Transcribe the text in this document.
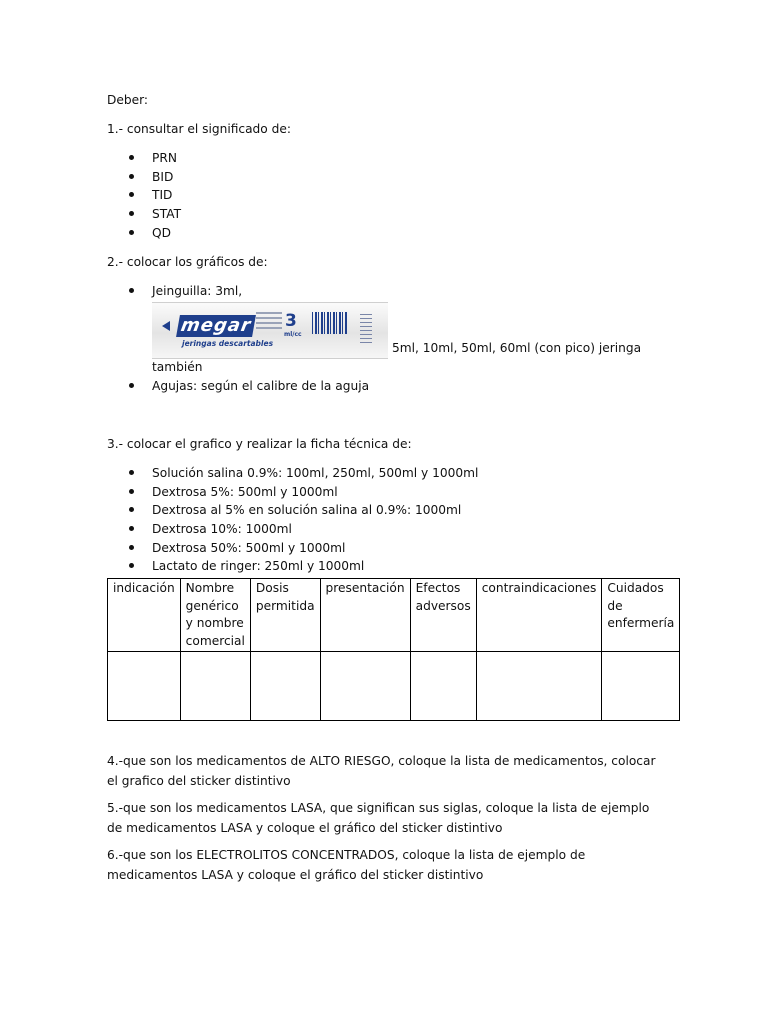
Deber:

1.- consultar el significado de:

PRN
BID
TID
STAT
QD

2.- colocar los gráficos de:

Jeinguilla: 3ml,
megar
jeringas descartables
3
ml/cc
5ml, 10ml, 50ml, 60ml (con pico) jeringa
también
Agujas: según el calibre de la aguja

3.- colocar el grafico y realizar la ficha técnica de:

Solución salina 0.9%: 100ml, 250ml, 500ml y 1000ml
Dextrosa 5%: 500ml y 1000ml
Dextrosa al 5% en solución salina al 0.9%: 1000ml
Dextrosa 10%: 1000ml
Dextrosa 50%: 500ml y 1000ml
Lactato de ringer: 250ml y 1000ml
indicación	Nombre genérico y nombre comercial	Dosis permitida	presentación	Efectos adversos	contraindicaciones	Cuidados de enfermería

4.-que son los medicamentos de ALTO RIESGO, coloque la lista de medicamentos, colocar el grafico del sticker distintivo

5.-que son los medicamentos LASA, que significan sus siglas, coloque la lista de ejemplo de medicamentos LASA y coloque el gráfico del sticker distintivo

6.-que son los ELECTROLITOS CONCENTRADOS, coloque la lista de ejemplo de medicamentos LASA y coloque el gráfico del sticker distintivo
